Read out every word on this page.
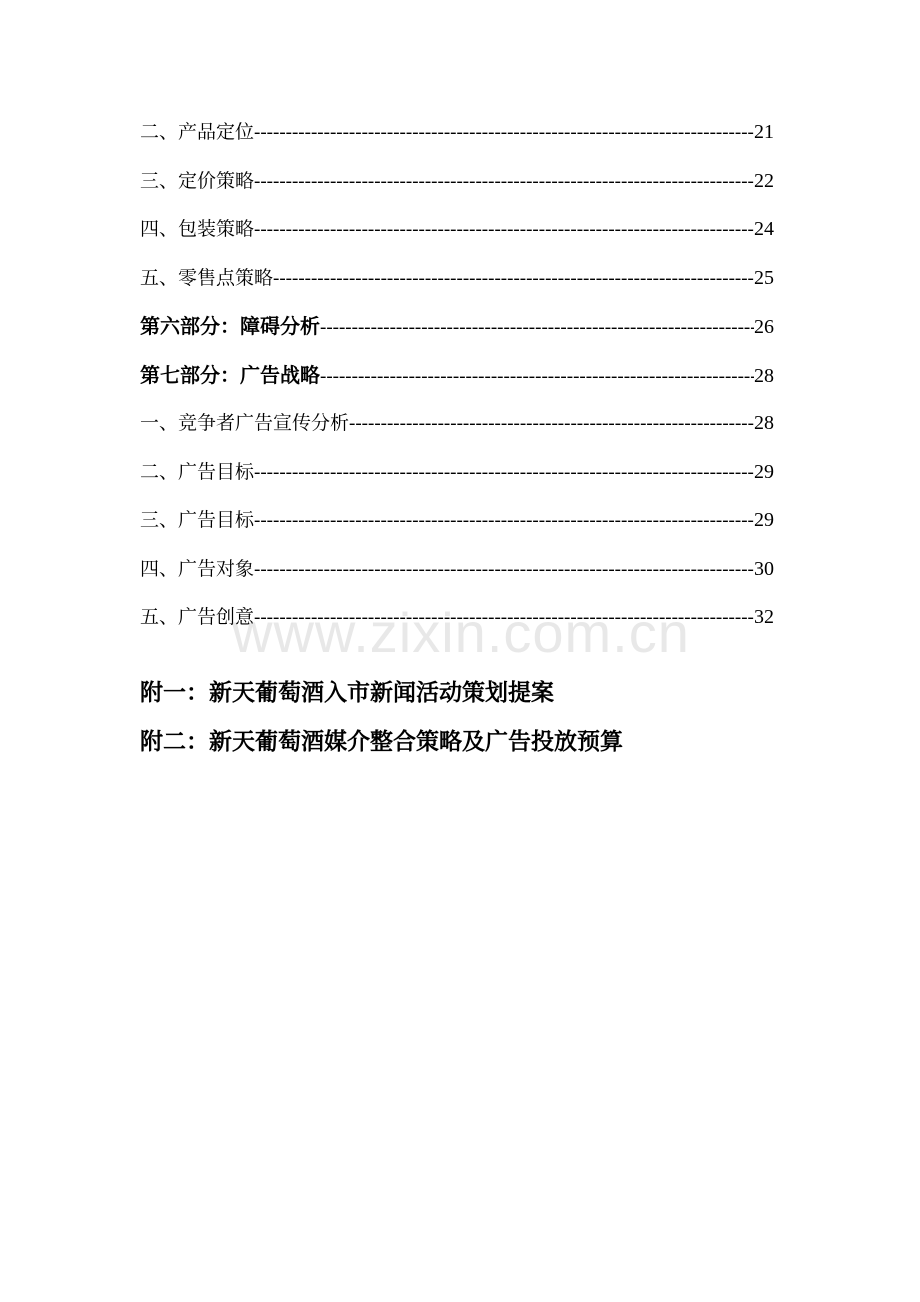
二、产品定位 -----	21
三、定价策略 -----	22
四、包装策略 -----	24
五、零售点策略 -----	25
第六部分：障碍分析 -----	26
第七部分：广告战略 -----	28
一、竞争者广告宣传分析 -----	28
二、广告目标 -----	29
三、广告目标 -----	29
四、广告对象 -----	30
五、广告创意 -----	32
www.zixin.com.cn
附一：新天葡萄酒入市新闻活动策划提案
附二：新天葡萄酒媒介整合策略及广告投放预算
